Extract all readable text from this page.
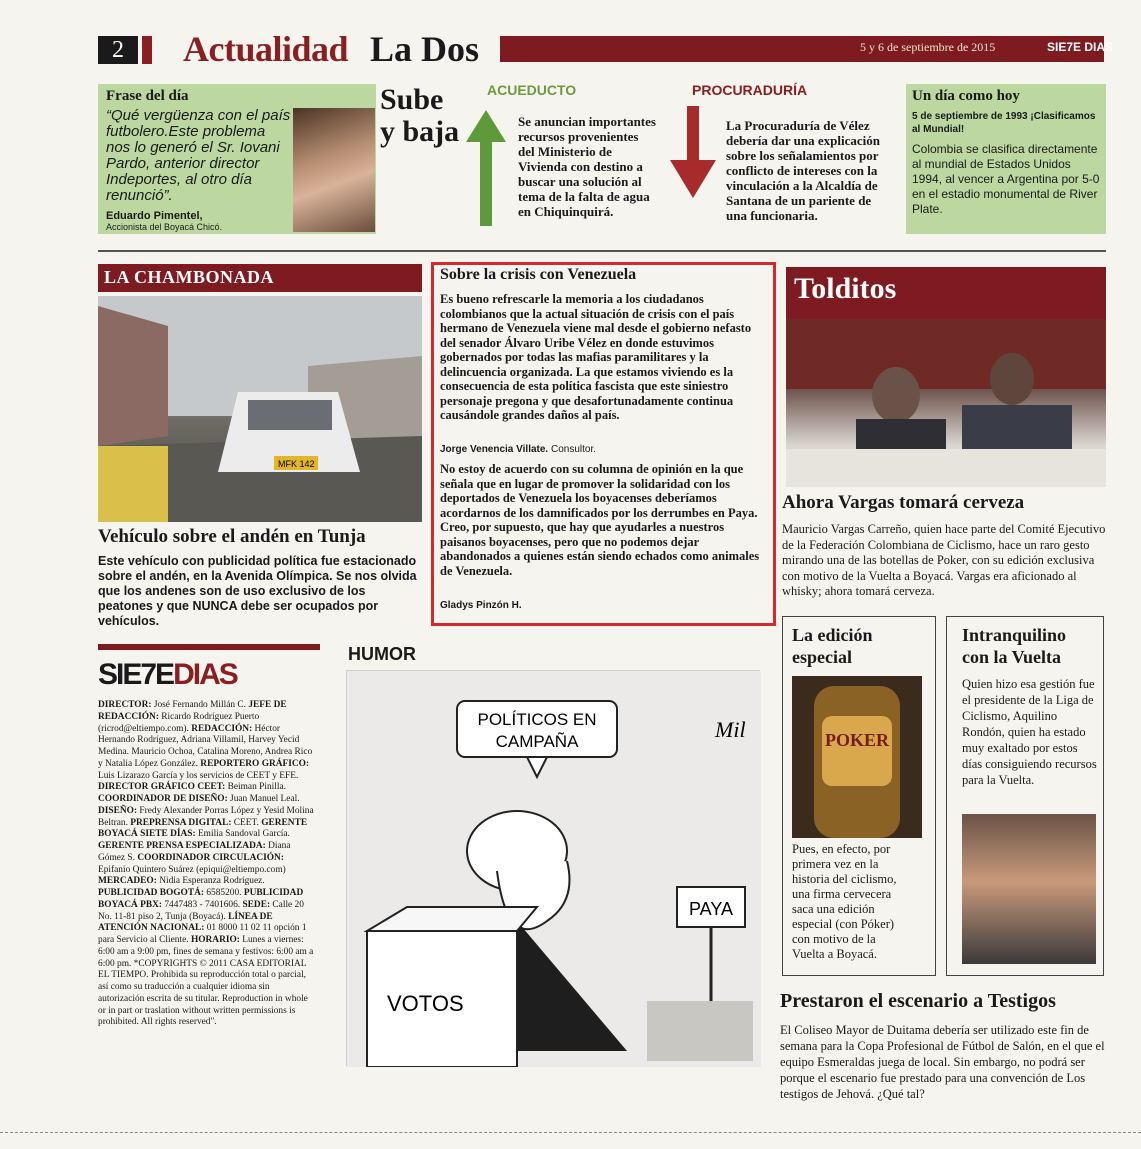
2	Actualidad La Dos	5 y 6 de septiembre de 2015	SIE7E DIAS
Frase del día
“Qué vergüenza con el país futbolero.Este problema nos lo generó el Sr. Iovani Pardo, anterior director Indeportes, al otro día renunció”.
Eduardo Pimentel,
Accionista del Boyacá Chicó.
Sube
y baja
ACUEDUCTO
Se anuncian importantes recursos provenientes del Ministerio de Vivienda con destino a buscar una solución al tema de la falta de agua en Chiquinquirá.
PROCURADURÍA
La Procuraduría de Vélez debería dar una explicación sobre los señalamientos por conflicto de intereses con la vinculación a la Alcaldía de Santana de un pariente de una funcionaria.
Un día como hoy
5 de septiembre de 1993 ¡Clasificamos al Mundial!
Colombia se clasifica directamente al mundial de Estados Unidos 1994, al vencer a Argentina por 5-0 en el estadio monumental de River Plate.
LA CHAMBONADA
MFK 142
Vehículo sobre el andén en Tunja
Este vehículo con publicidad política fue estacionado sobre el andén, en la Avenida Olímpica. Se nos olvida que los andenes son de uso exclusivo de los peatones y que NUNCA debe ser ocupados por vehículos.
Sobre la crisis con Venezuela
Es bueno refrescarle la memoria a los ciudadanos colombianos que la actual situación de crisis con el país hermano de Venezuela viene mal desde el gobierno nefasto del senador Álvaro Uribe Vélez en donde estuvimos gobernados por todas las mafias paramilitares y la delincuencia organizada. La que estamos viviendo es la consecuencia de esta política fascista que este siniestro personaje pregona y que desafortunadamente continua causándole grandes daños al país.
Jorge Venencia Villate. Consultor.
No estoy de acuerdo con su columna de opinión en la que señala que en lugar de promover la solidaridad con los deportados de Venezuela los boyacenses deberíamos acordarnos de los damnificados por los derrumbes en Paya. Creo, por supuesto, que hay que ayudarles a nuestros paisanos boyacenses, pero que no podemos dejar abandonados a quienes están siendo echados como animales de Venezuela.
Gladys Pinzón H.
Tolditos
Ahora Vargas tomará cerveza
Mauricio Vargas Carreño, quien hace parte del Comité Ejecutivo de la Federación Colombiana de Ciclismo, hace un raro gesto mirando una de las botellas de Poker, con su edición exclusiva con motivo de la Vuelta a Boyacá. Vargas era aficionado al whisky; ahora tomará cerveza.
SIE7EDIAS
DIRECTOR: José Fernando Millán C. JEFE DE REDACCIÓN: Ricardo Rodríguez Puerto (ricrod@eltiempo.com). REDACCIÓN: Héctor Hernando Rodríguez, Adriana Villamil, Harvey Yecid Medina. Mauricio Ochoa, Catalina Moreno, Andrea Rico y Natalia López González. REPORTERO GRÁFICO: Luis Lizarazo García y los servicios de CEET y EFE. DIRECTOR GRÁFICO CEET: Beiman Pinilla. COORDINADOR DE DISEÑO: Juan Manuel Leal. DISEÑO: Fredy Alexander Porras López y Yesid Molina Beltran. PREPRENSA DIGITAL: CEET. GERENTE BOYACÁ SIETE DÍAS: Emilia Sandoval García. GERENTE PRENSA ESPECIALIZADA: Diana Gómez S. COORDINADOR CIRCULACIÓN: Epifanio Quintero Suárez (epiqui@eltiempo.com) MERCADEO: Nidia Esperanza Rodríguez. PUBLICIDAD BOGOTÁ: 6585200. PUBLICIDAD BOYACÁ PBX: 7447483 - 7401606. SEDE: Calle 20 No. 11-81 piso 2, Tunja (Boyacá). LÍNEA DE ATENCIÓN NACIONAL: 01 8000 11 02 11 opción 1 para Servicio al Cliente. HORARIO: Lunes a viernes: 6:00 am a 9:00 pm, fines de semana y festivos: 6:00 am a 6:00 pm. *COPYRIGHTS © 2011 CASA EDITORIAL EL TIEMPO. Prohibida su reproducción total o parcial, así como su traducción a cualquier idioma sin autorización escrita de su titular. Reproduction in whole or in part or traslation without written permissions is prohibited. All rights reserved".
HUMOR
POLÍTICOS EN
CAMPAÑA	Mil
VOTOS
PAYA
La edición
especial
POKER
Pues, en efecto, por primera vez en la historia del ciclismo, una firma cervecera saca una edición especial (con Póker) con motivo de la Vuelta a Boyacá.
Intranquilino
con la Vuelta
Quien hizo esa gestión fue el presidente de la Liga de Ciclismo, Aquilino Rondón, quien ha estado muy exaltado por estos días consiguiendo recursos para la Vuelta.
Prestaron el escenario a Testigos
El Coliseo Mayor de Duitama debería ser utilizado este fin de semana para la Copa Profesional de Fútbol de Salón, en el que el equipo Esmeraldas juega de local. Sin embargo, no podrá ser porque el escenario fue prestado para una convención de Los testigos de Jehová. ¿Qué tal?
